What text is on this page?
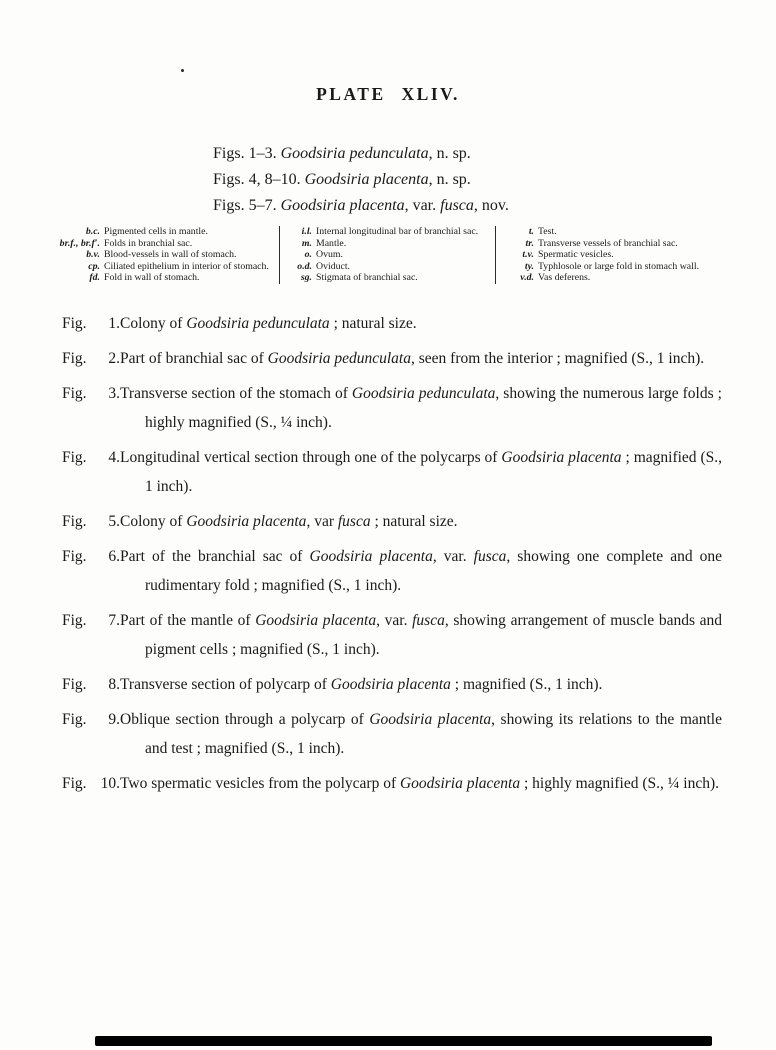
PLATE XLIV.
Figs. 1–3. Goodsiria pedunculata, n. sp.
Figs. 4, 8–10. Goodsiria placenta, n. sp.
Figs. 5–7. Goodsiria placenta, var. fusca, nov.
b.c. Pigmented cells in mantle.
br.f., br.f′. Folds in branchial sac.
b.v. Blood-vessels in wall of stomach.
cp. Ciliated epithelium in interior of stomach.
fd. Fold in wall of stomach.
i.l. Internal longitudinal bar of branchial sac.
m. Mantle.
o. Ovum.
o.d. Oviduct.
sg. Stigmata of branchial sac.
t. Test.
tr. Transverse vessels of branchial sac.
t.v. Spermatic vesicles.
ty. Typhlosole or large fold in stomach wall.
v.d. Vas deferens.
Fig. 1. Colony of Goodsiria pedunculata ; natural size.
Fig. 2. Part of branchial sac of Goodsiria pedunculata, seen from the interior ; magnified (S., 1 inch).
Fig. 3. Transverse section of the stomach of Goodsiria pedunculata, showing the numerous large folds ; highly magnified (S., ¼ inch).
Fig. 4. Longitudinal vertical section through one of the polycarps of Goodsiria placenta ; magnified (S., 1 inch).
Fig. 5. Colony of Goodsiria placenta, var fusca ; natural size.
Fig. 6. Part of the branchial sac of Goodsiria placenta, var. fusca, showing one complete and one rudimentary fold ; magnified (S., 1 inch).
Fig. 7. Part of the mantle of Goodsiria placenta, var. fusca, showing arrangement of muscle bands and pigment cells ; magnified (S., 1 inch).
Fig. 8. Transverse section of polycarp of Goodsiria placenta ; magnified (S., 1 inch).
Fig. 9. Oblique section through a polycarp of Goodsiria placenta, showing its relations to the mantle and test ; magnified (S., 1 inch).
Fig. 10. Two spermatic vesicles from the polycarp of Goodsiria placenta ; highly magnified (S., ¼ inch).
